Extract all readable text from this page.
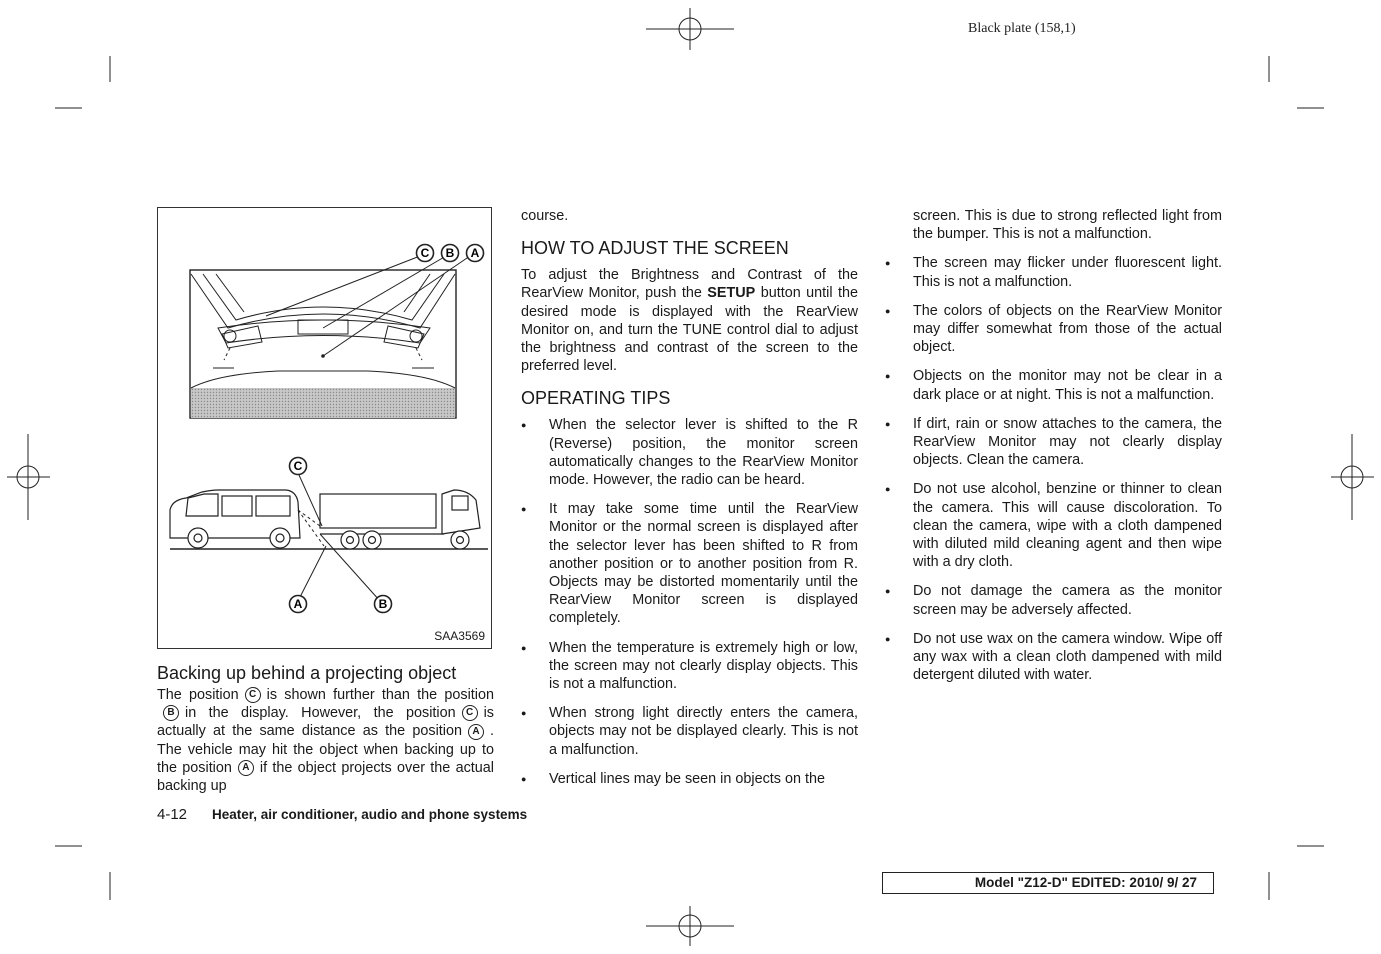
Black plate (158,1)
C B A
C
A	B
SAA3569
Backing up behind a projecting object

The position C is shown further than the positionB in the display. However, the position C is actually at the same distance as the position A . The vehicle may hit the object when backing up to the position A if the object projects over the actual backing up

course.

HOW TO ADJUST THE SCREEN

To adjust the Brightness and Contrast of the RearView Monitor, push the SETUP button until the desired mode is displayed with the RearView Monitor on, and turn the TUNE control dial to adjust the brightness and contrast of the screen to the preferred level.

OPERATING TIPS
● When the selector lever is shifted to the R (Reverse) position, the monitor screen automatically changes to the RearView Monitor mode. However, the radio can be heard.
● It may take some time until the RearView Monitor or the normal screen is displayed after the selector lever has been shifted to R from another position or to another position from R. Objects may be distorted momentarily until the RearView Monitor screen is displayed completely.
● When the temperature is extremely high or low, the screen may not clearly display objects. This is not a malfunction.
● When strong light directly enters the camera, objects may not be displayed clearly. This is not a malfunction.
● Vertical lines may be seen in objects on the

screen. This is due to strong reflected light from the bumper. This is not a malfunction.

● The screen may flicker under fluorescent light. This is not a malfunction.
● The colors of objects on the RearView Monitor may differ somewhat from those of the actual object.
● Objects on the monitor may not be clear in a dark place or at night. This is not a malfunction.
● If dirt, rain or snow attaches to the camera, the RearView Monitor may not clearly display objects. Clean the camera.
● Do not use alcohol, benzine or thinner to clean the camera. This will cause discoloration. To clean the camera, wipe with a cloth dampened with diluted mild cleaning agent and then wipe with a dry cloth.
● Do not damage the camera as the monitor screen may be adversely affected.
● Do not use wax on the camera window. Wipe off any wax with a clean cloth dampened with mild detergent diluted with water.
4-12 Heater, air conditioner, audio and phone systems
Model "Z12-D" EDITED: 2010/ 9/ 27
